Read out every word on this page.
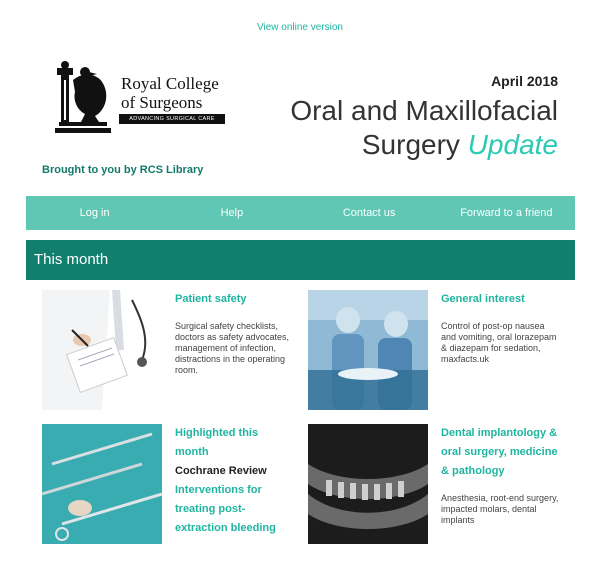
View online version
Royal College
of Surgeons
ADVANCING SURGICAL CARE
April 2018
Oral and Maxillofacial
Surgery Update
Brought to you by RCS Library
Log in	Help	Contact us	Forward to a friend
This month
Patient safety

Surgical safety checklists, doctors as safety advocates, management of infection, distractions in the operating room.

General interest

Control of post-op nausea and vomiting, oral lorazepam & diazepam for sedation, maxfacts.uk

Highlighted this month
Cochrane Review
Interventions for treating post-extraction bleeding
Dental implantology & oral surgery, medicine & pathology

Anesthesia, root-end surgery, impacted molars, dental implants
